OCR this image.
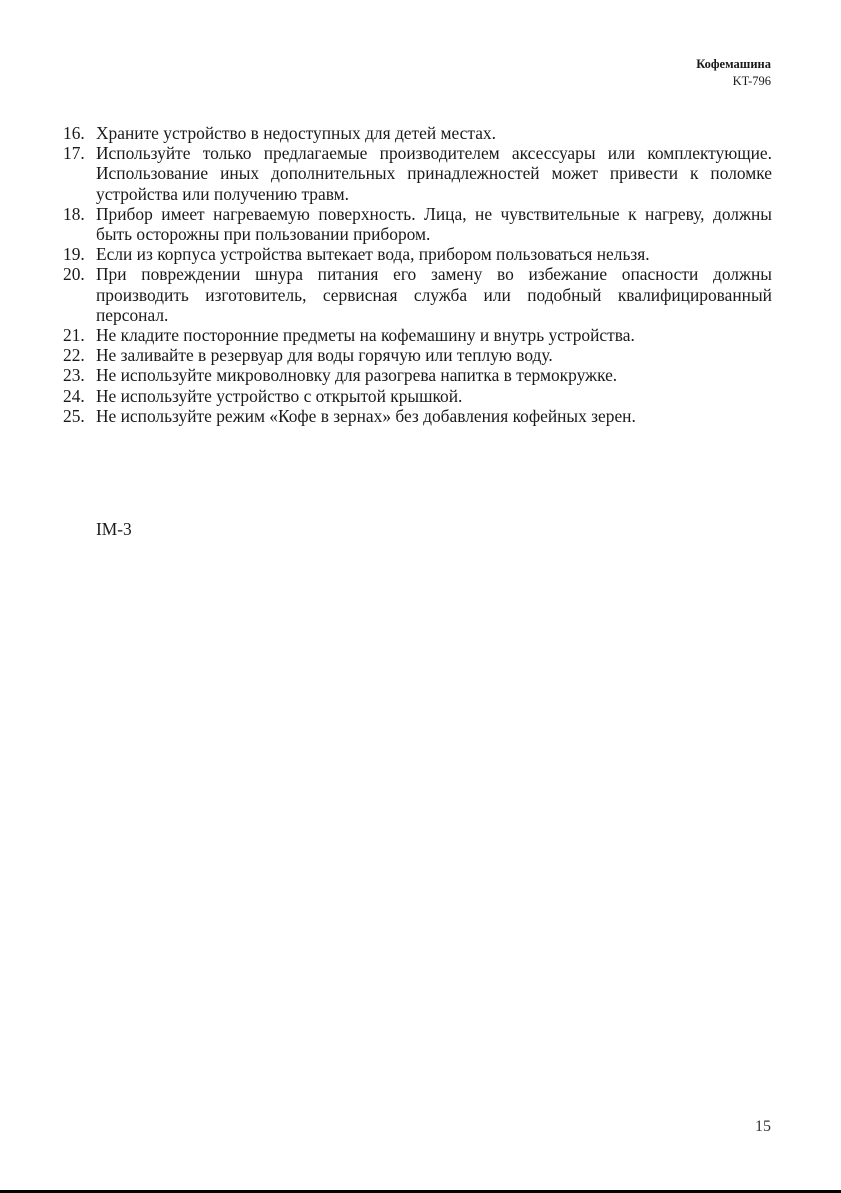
Кофемашина
KT-796
16. Храните устройство в недоступных для детей местах.
17. Используйте только предлагаемые производителем аксессуары или комплектующие. Использование иных дополнительных принадлежностей может привести к поломке устройства или получению травм.
18. Прибор имеет нагреваемую поверхность. Лица, не чувствительные к нагреву, должны быть осторожны при пользовании прибором.
19. Если из корпуса устройства вытекает вода, прибором пользоваться нельзя.
20. При повреждении шнура питания его замену во избежание опасности должны производить изготовитель, сервисная служба или подобный квалифицированный персонал.
21. Не кладите посторонние предметы на кофемашину и внутрь устройства.
22. Не заливайте в резервуар для воды горячую или теплую воду.
23. Не используйте микроволновку для разогрева напитка в термокружке.
24. Не используйте устройство с открытой крышкой.
25. Не используйте режим «Кофе в зернах» без добавления кофейных зерен.
IM-3
15
